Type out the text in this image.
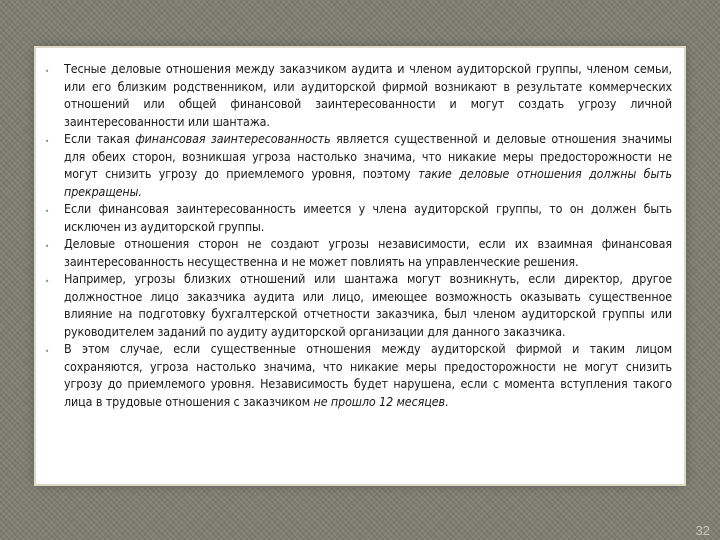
• Тесные деловые отношения между заказчиком аудита и членом аудиторской группы, членом семьи, или его близким родственником, или аудиторской фирмой возникают в результате коммерческих отношений или общей финансовой заинтересованности и могут создать угрозу личной заинтересованности или шантажа.
• Если такая финансовая заинтересованность является существенной и деловые отношения значимы для обеих сторон, возникшая угроза настолько значима, что никакие меры предосторожности не могут снизить угрозу до приемлемого уровня, поэтому такие деловые отношения должны быть прекращены.
• Если финансовая заинтересованность имеется у члена аудиторской группы, то он должен быть исключен из аудиторской группы.
• Деловые отношения сторон не создают угрозы независимости, если их взаимная финансовая заинтересованность несущественна и не может повлиять на управленческие решения.
• Например, угрозы близких отношений или шантажа могут возникнуть, если директор, другое должностное лицо заказчика аудита или лицо, имеющее возможность оказывать существенное влияние на подготовку бухгалтерской отчетности заказчика, был членом аудиторской группы или руководителем заданий по аудиту аудиторской организации для данного заказчика.
• В этом случае, если существенные отношения между аудиторской фирмой и таким лицом сохраняются, угроза настолько значима, что никакие меры предосторожности не могут снизить угрозу до приемлемого уровня. Независимость будет нарушена, если с момента вступления такого лица в трудовые отношения с заказчиком не прошло 12 месяцев.
32
